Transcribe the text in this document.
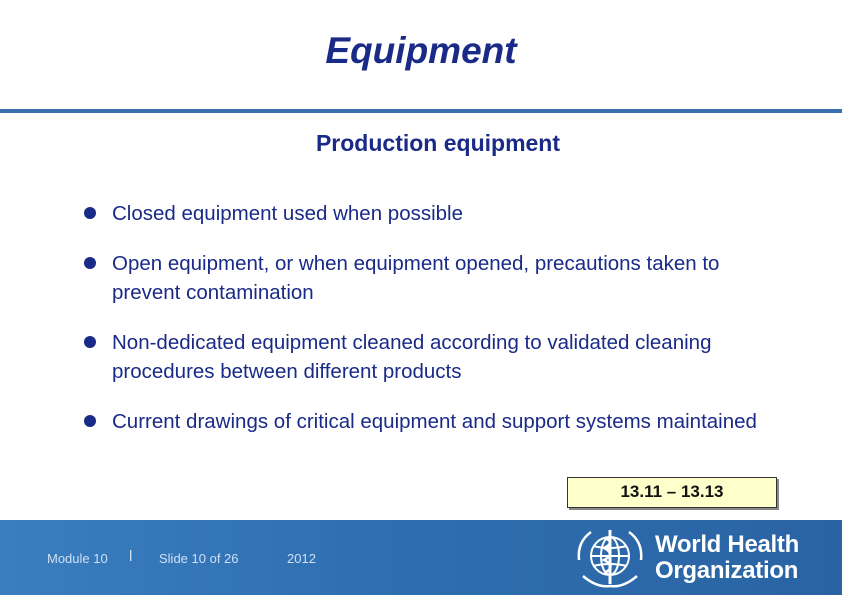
Equipment
Production equipment
Closed equipment used when possible
Open equipment, or when equipment opened, precautions taken to prevent contamination
Non-dedicated equipment cleaned according to validated cleaning procedures between different products
Current drawings of critical equipment and support systems maintained
13.11 – 13.13
Module 10 l Slide 10 of 26	2012
World Health
Organization
